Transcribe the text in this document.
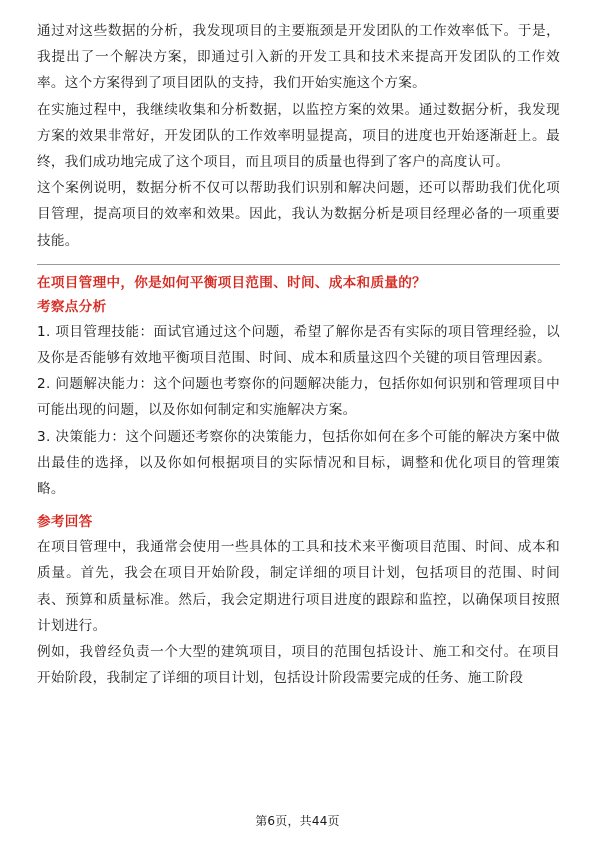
通过对这些数据的分析，我发现项目的主要瓶颈是开发团队的工作效率低下。于是，我提出了一个解决方案，即通过引入新的开发工具和技术来提高开发团队的工作效率。这个方案得到了项目团队的支持，我们开始实施这个方案。

在实施过程中，我继续收集和分析数据，以监控方案的效果。通过数据分析，我发现方案的效果非常好，开发团队的工作效率明显提高，项目的进度也开始逐渐赶上。最终，我们成功地完成了这个项目，而且项目的质量也得到了客户的高度认可。

这个案例说明，数据分析不仅可以帮助我们识别和解决问题，还可以帮助我们优化项目管理，提高项目的效率和效果。因此，我认为数据分析是项目经理必备的一项重要技能。

在项目管理中，你是如何平衡项目范围、时间、成本和质量的？
考察点分析

1. 项目管理技能：面试官通过这个问题，希望了解你是否有实际的项目管理经验，以及你是否能够有效地平衡项目范围、时间、成本和质量这四个关键的项目管理因素。

2. 问题解决能力：这个问题也考察你的问题解决能力，包括你如何识别和管理项目中可能出现的问题，以及你如何制定和实施解决方案。

3. 决策能力：这个问题还考察你的决策能力，包括你如何在多个可能的解决方案中做出最佳的选择，以及你如何根据项目的实际情况和目标，调整和优化项目的管理策略。

参考回答

在项目管理中，我通常会使用一些具体的工具和技术来平衡项目范围、时间、成本和质量。首先，我会在项目开始阶段，制定详细的项目计划，包括项目的范围、时间表、预算和质量标准。然后，我会定期进行项目进度的跟踪和监控，以确保项目按照计划进行。

例如，我曾经负责一个大型的建筑项目，项目的范围包括设计、施工和交付。在项目开始阶段，我制定了详细的项目计划，包括设计阶段需要完成的任务、施工阶段

第6页，共44页
